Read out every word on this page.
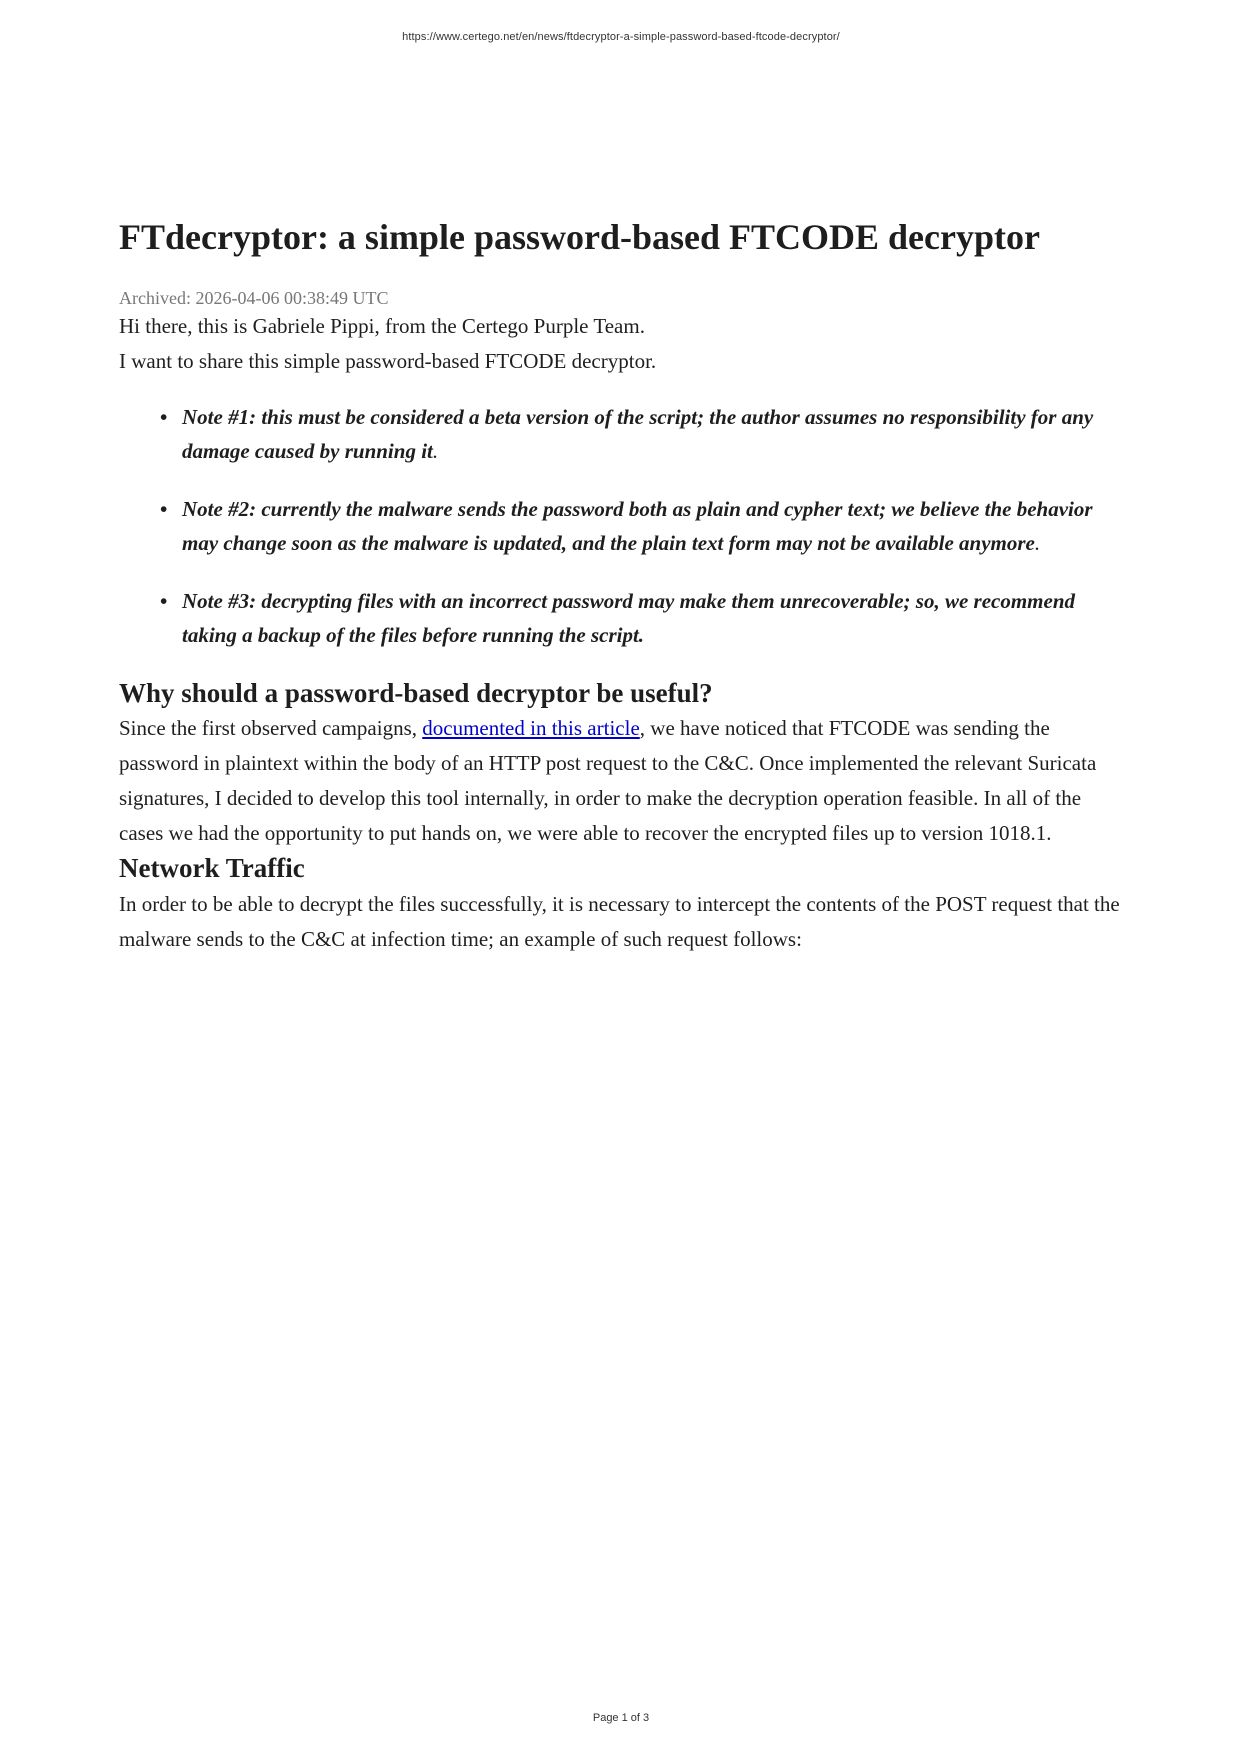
https://www.certego.net/en/news/ftdecryptor-a-simple-password-based-ftcode-decryptor/
FTdecryptor: a simple password-based FTCODE decryptor
Archived: 2026-04-06 00:38:49 UTC

Hi there, this is Gabriele Pippi, from the Certego Purple Team.

I want to share this simple password-based FTCODE decryptor.

• Note #1: this must be considered a beta version of the script; the author assumes no responsibility for any damage caused by running it.
• Note #2: currently the malware sends the password both as plain and cypher text; we believe the behavior may change soon as the malware is updated, and the plain text form may not be available anymore.
• Note #3: decrypting files with an incorrect password may make them unrecoverable; so, we recommend taking a backup of the files before running the script.
Why should a password-based decryptor be useful?

Since the first observed campaigns, documented in this article, we have noticed that FTCODE was sending the password in plaintext within the body of an HTTP post request to the C&C. Once implemented the relevant Suricata signatures, I decided to develop this tool internally, in order to make the decryption operation feasible. In all of the cases we had the opportunity to put hands on, we were able to recover the encrypted files up to version 1018.1.

Network Traffic

In order to be able to decrypt the files successfully, it is necessary to intercept the contents of the POST request that the malware sends to the C&C at infection time; an example of such request follows:

Page 1 of 3
